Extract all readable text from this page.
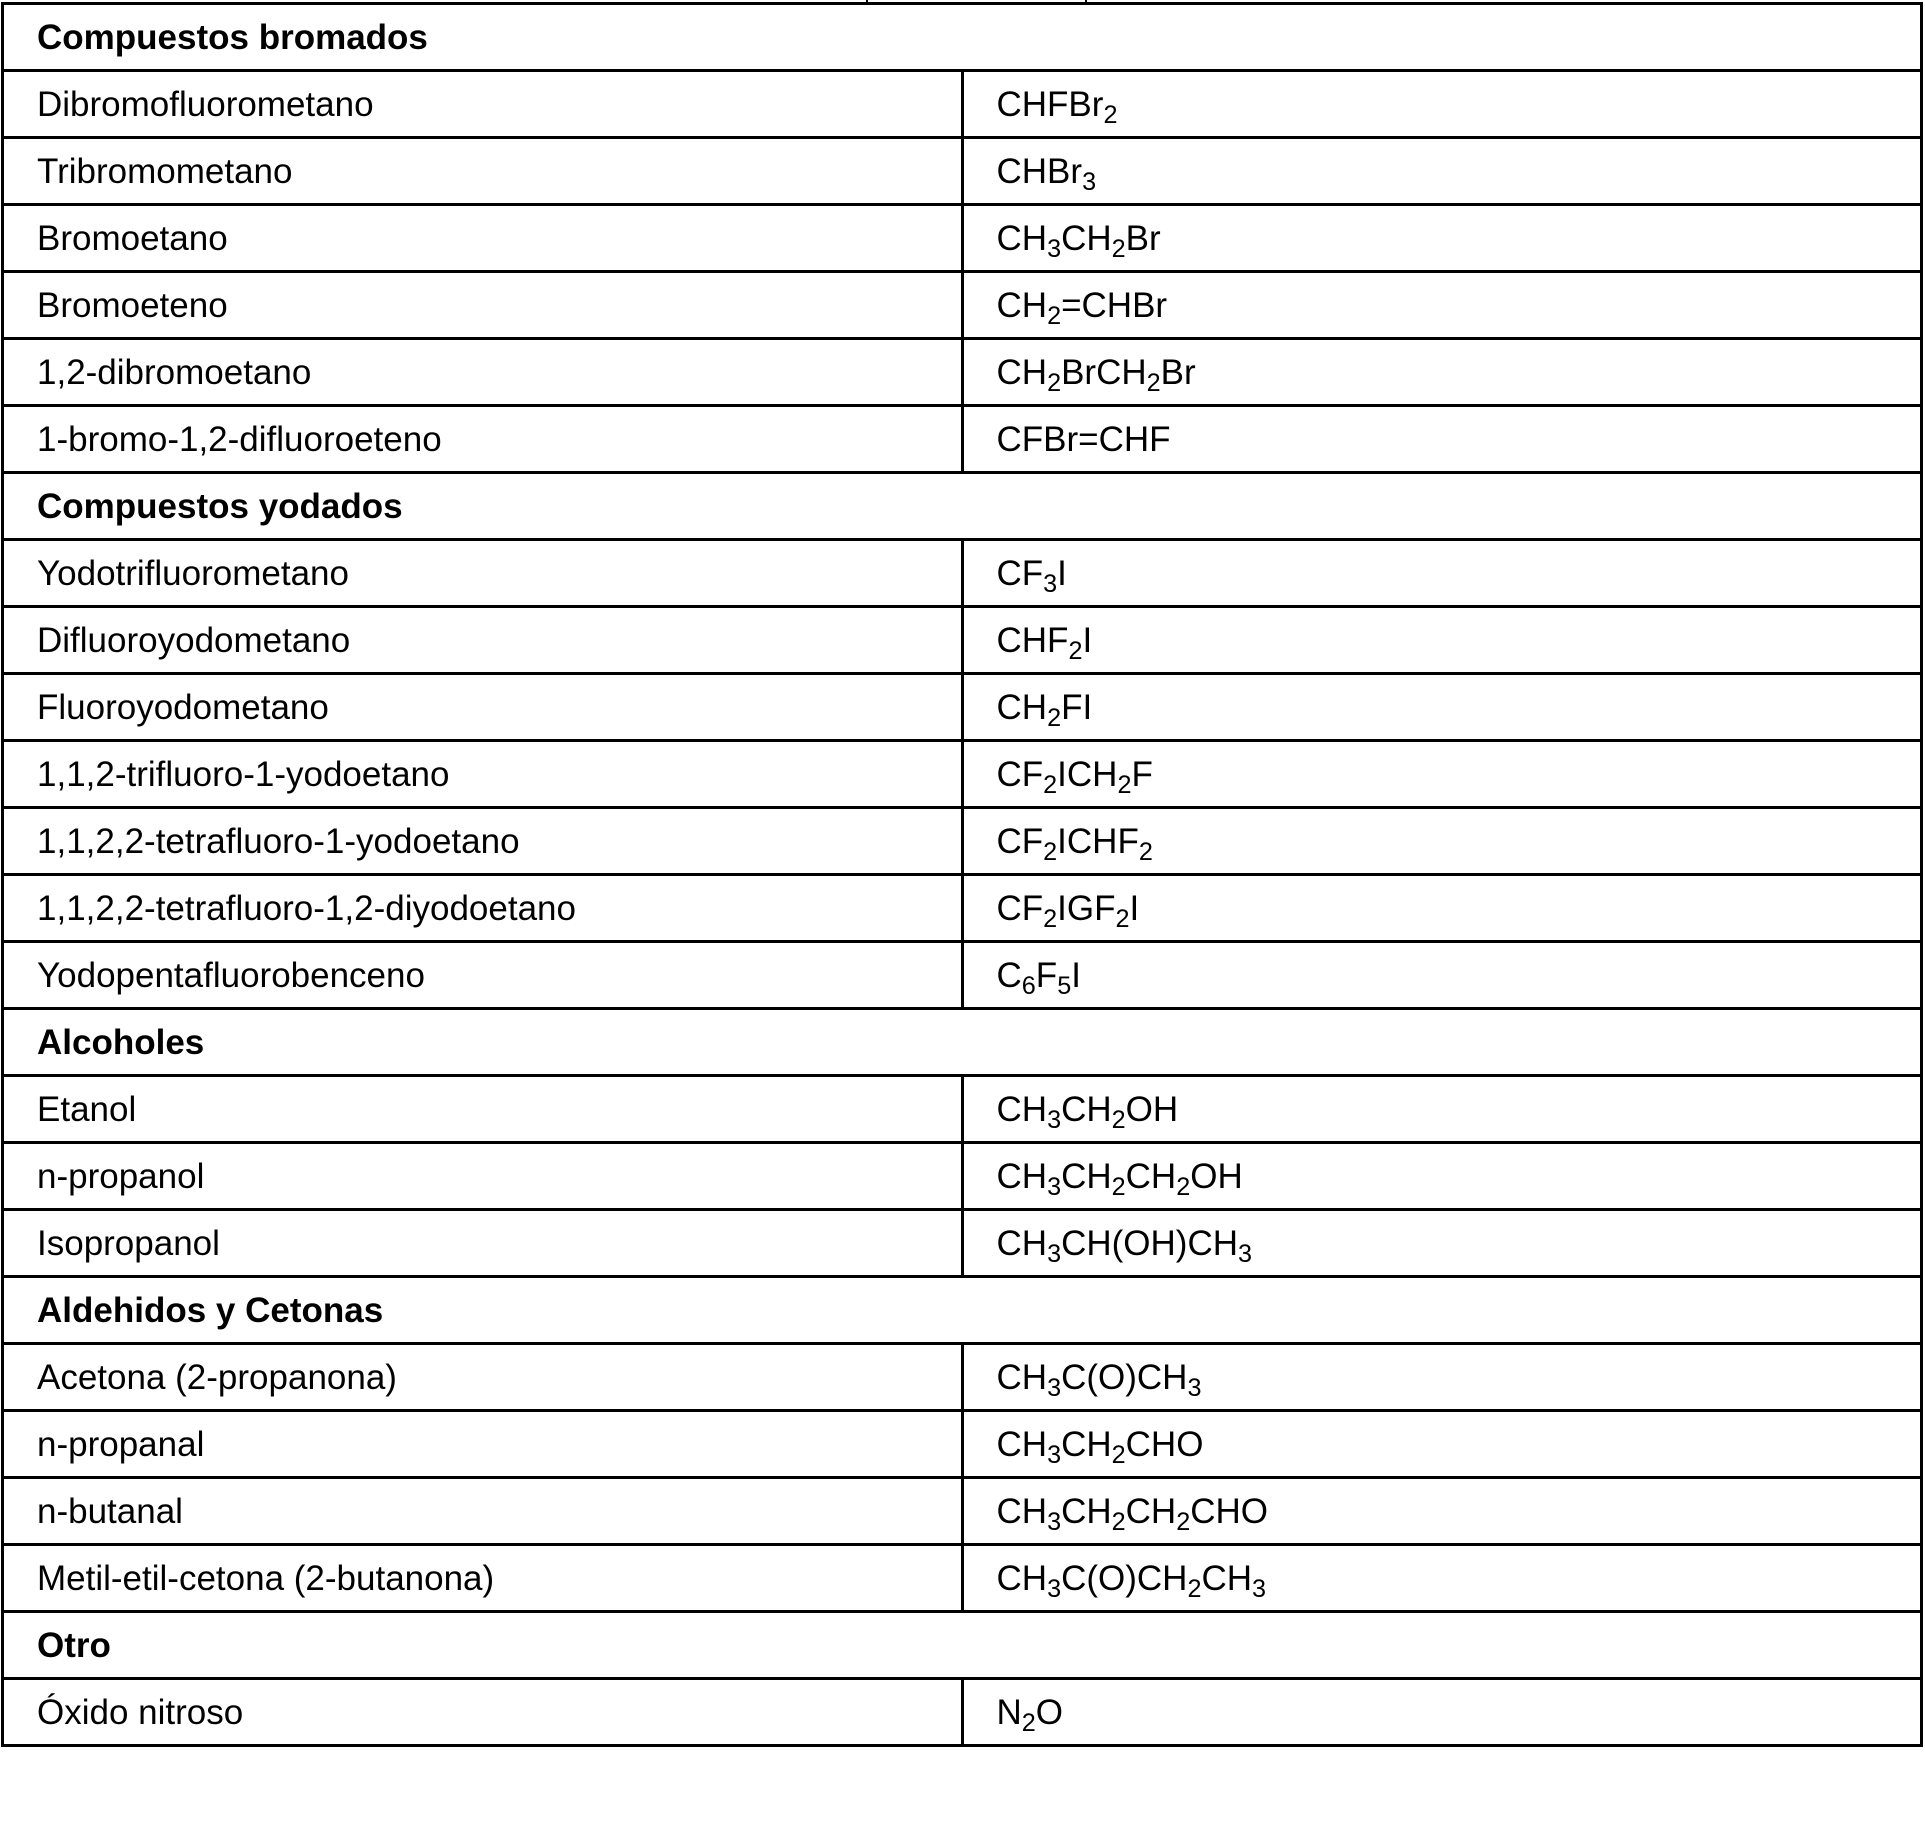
Compuestos bromados	
Dibromofluorometano	CHFBr$_2$
Tribromometano	CHBr$_3$
Bromoetano	$CH_3CH_2Br$
Bromoeteno	$CH_2=CHBr$
1,2-dibromoetano	$CH_2BrCH_2Br$
1-bromo-1,2-difluoroeteno	CFBr=CHF
Compuestos yodados	
Yodotrifluorometano	$CF_3I$
Difluoroyodometano	$CHF_2I$
Fluoroyodometano	$CH_2FI$
1,1,2-trifluoro-1-yodoetano	$CF_2ICH_2F$
1,1,2,2-tetrafluoro-1-yodoetano	$CF_2ICHF_2$
1,1,2,2-tetrafluoro-1,2-diyodoetano	$CF_2IGF_2I$
Yodopentafluorobenceno	$C_6F_5I$
Alcoholes	
Etanol	$CH_3CH_2OH$
n-propanol	$CH_3CH_2CH_2OH$
Isopropanol	$CH_3CH(OH)CH_3$
Aldehidos y Cetonas	
Acetona (2-propanona)	$CH_3C(O)CH_3$
n-propanal	$CH_3CH_2CHO$
n-butanal	$CH_3CH_2CH_2CHO$
Metil-etil-cetona (2-butanona)	$CH_3C(O)CH_2CH_3$
Otro	
Óxido nitroso	$N_2O$
